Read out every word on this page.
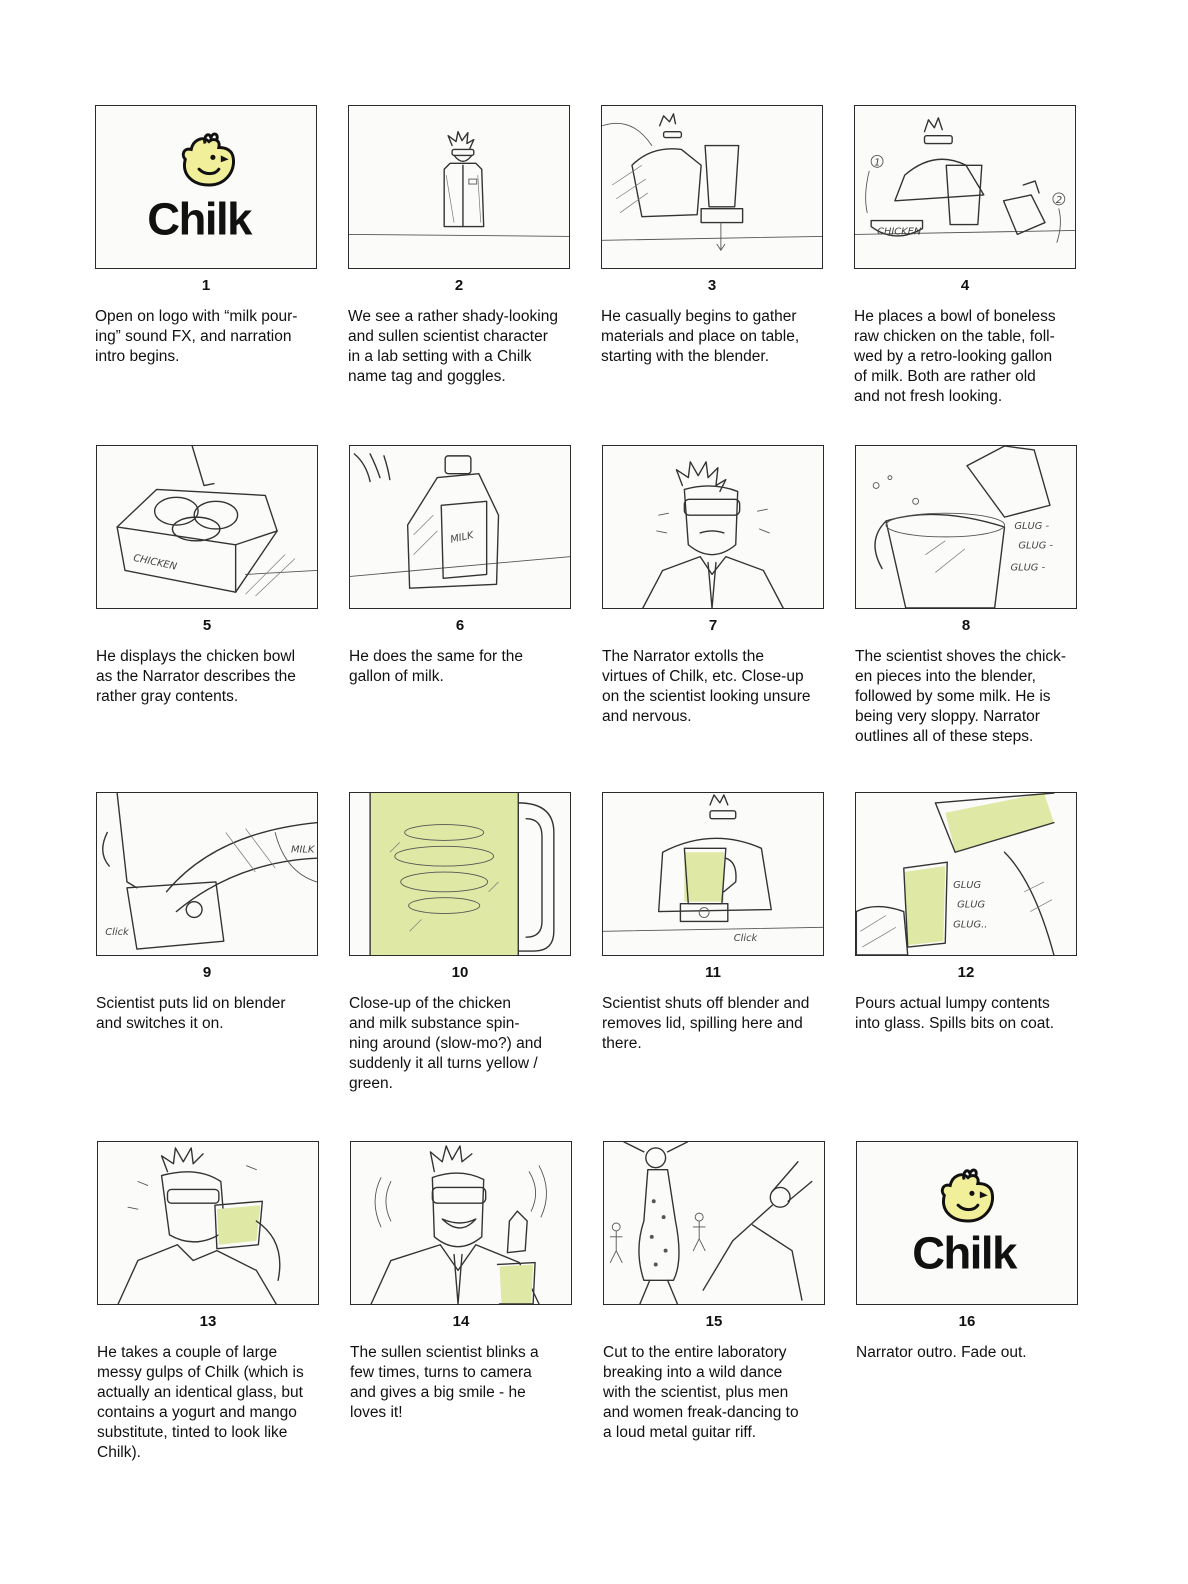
Chilk
1
Open on logo with “milk pour-
ing” sound FX, and narration
intro begins.
2
We see a rather shady-looking
and sullen scientist character
in a lab setting with a Chilk
name tag and goggles.
3
He casually begins to gather
materials and place on table,
starting with the blender.
CHICKEN
1
2
4
He places a bowl of boneless
raw chicken on the table, foll-
wed by a retro-looking gallon
of milk. Both are rather old
and not fresh looking.
CHICKEN
5
He displays the chicken bowl
as the Narrator describes the
rather gray contents.
MILK
6
He does the same for the
gallon of milk.
7
The Narrator extolls the
virtues of Chilk, etc. Close-up
on the scientist looking unsure
and nervous.
GLUG -
GLUG -
GLUG -
8
The scientist shoves the chick-
en pieces into the blender,
followed by some milk. He is
being very sloppy. Narrator
outlines all of these steps.
MILK
Click
9
Scientist puts lid on blender
and switches it on.
10
Close-up of the chicken
and milk substance spin-
ning around (slow-mo?) and
suddenly it all turns yellow /
green.
Click
11
Scientist shuts off blender and
removes lid, spilling here and
there.
GLUG
GLUG
GLUG..
12
Pours actual lumpy contents
into glass. Spills bits on coat.
13
He takes a couple of large
messy gulps of Chilk (which is
actually an identical glass, but
contains a yogurt and mango
substitute, tinted to look like
Chilk).
14
The sullen scientist blinks a
few times, turns to camera
and gives a big smile - he
loves it!
15
Cut to the entire laboratory
breaking into a wild dance
with the scientist, plus men
and women freak-dancing to
a loud metal guitar riff.
Chilk
16
Narrator outro. Fade out.
